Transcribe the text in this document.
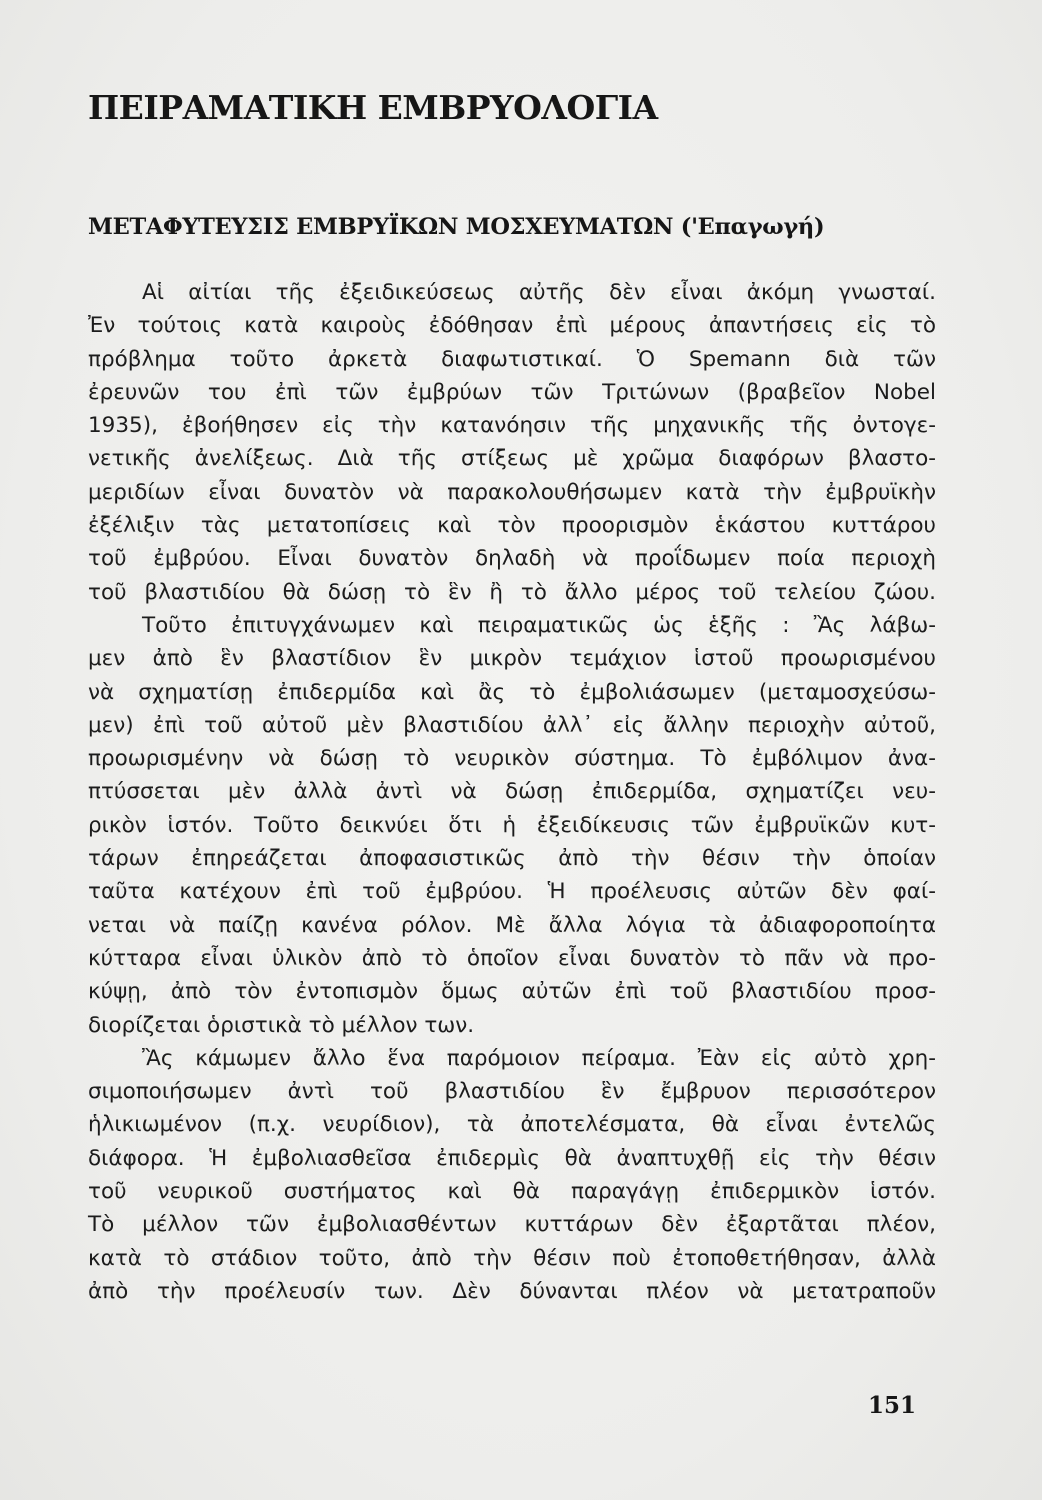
ΠΕΙΡΑΜΑΤΙΚΗ ΕΜΒΡΥΟΛΟΓΙΑ
ΜΕΤΑΦΥΤΕΥΣΙΣ ΕΜΒΡΥΪΚΩΝ ΜΟΣΧΕΥΜΑΤΩΝ ('Επαγωγή)
Αἱ αἰτίαι τῆς ἐξειδικεύσεως αὐτῆς δὲν εἶναι ἀκόμη γνωσταί.
Ἐν τούτοις κατὰ καιροὺς ἐδόθησαν ἐπὶ μέρους ἀπαντήσεις εἰς τὸ
πρόβλημα τοῦτο ἀρκετὰ διαφωτιστικαί. Ὁ Spemann διὰ τῶν
ἐρευνῶν του ἐπὶ τῶν ἐμβρύων τῶν Τριτώνων (βραβεῖον Nobel
1935), ἐβοήθησεν εἰς τὴν κατανόησιν τῆς μηχανικῆς τῆς ὀντογε-
νετικῆς ἀνελίξεως. Διὰ τῆς στίξεως μὲ χρῶμα διαφόρων βλαστο-
μεριδίων εἶναι δυνατὸν νὰ παρακολουθήσωμεν κατὰ τὴν ἐμβρυϊκὴν
ἐξέλιξιν τὰς μετατοπίσεις καὶ τὸν προορισμὸν ἑκάστου κυττάρου
τοῦ ἐμβρύου. Εἶναι δυνατὸν δηλαδὴ νὰ προΐδωμεν ποία περιοχὴ
τοῦ βλαστιδίου θὰ δώσῃ τὸ ἓν ἢ τὸ ἄλλο μέρος τοῦ τελείου ζώου.
Τοῦτο ἐπιτυγχάνωμεν καὶ πειραματικῶς ὡς ἑξῆς : Ἂς λάβω-
μεν ἀπὸ ἓν βλαστίδιον ἓν μικρὸν τεμάχιον ἱστοῦ προωρισμένου
νὰ σχηματίσῃ ἐπιδερμίδα καὶ ἂς τὸ ἐμβολιάσωμεν (μεταμοσχεύσω-
μεν) ἐπὶ τοῦ αὐτοῦ μὲν βλαστιδίου ἀλλ᾽ εἰς ἄλλην περιοχὴν αὐτοῦ,
προωρισμένην νὰ δώσῃ τὸ νευρικὸν σύστημα. Τὸ ἐμβόλιμον ἀνα-
πτύσσεται μὲν ἀλλὰ ἀντὶ νὰ δώσῃ ἐπιδερμίδα, σχηματίζει νευ-
ρικὸν ἱστόν. Τοῦτο δεικνύει ὅτι ἡ ἐξειδίκευσις τῶν ἐμβρυϊκῶν κυτ-
τάρων ἐπηρεάζεται ἀποφασιστικῶς ἀπὸ τὴν θέσιν τὴν ὁποίαν
ταῦτα κατέχουν ἐπὶ τοῦ ἐμβρύου. Ἡ προέλευσις αὐτῶν δὲν φαί-
νεται νὰ παίζῃ κανένα ρόλον. Μὲ ἄλλα λόγια τὰ ἀδιαφοροποίητα
κύτταρα εἶναι ὑλικὸν ἀπὸ τὸ ὁποῖον εἶναι δυνατὸν τὸ πᾶν νὰ προ-
κύψῃ, ἀπὸ τὸν ἐντοπισμὸν ὅμως αὐτῶν ἐπὶ τοῦ βλαστιδίου προσ-
διορίζεται ὁριστικὰ τὸ μέλλον των.
Ἂς κάμωμεν ἄλλο ἕνα παρόμοιον πείραμα. Ἐὰν εἰς αὐτὸ χρη-
σιμοποιήσωμεν ἀντὶ τοῦ βλαστιδίου ἓν ἔμβρυον περισσότερον
ἡλικιωμένον (π.χ. νευρίδιον), τὰ ἀποτελέσματα, θὰ εἶναι ἐντελῶς
διάφορα. Ἡ ἐμβολιασθεῖσα ἐπιδερμὶς θὰ ἀναπτυχθῇ εἰς τὴν θέσιν
τοῦ νευρικοῦ συστήματος καὶ θὰ παραγάγῃ ἐπιδερμικὸν ἱστόν.
Τὸ μέλλον τῶν ἐμβολιασθέντων κυττάρων δὲν ἐξαρτᾶται πλέον,
κατὰ τὸ στάδιον τοῦτο, ἀπὸ τὴν θέσιν ποὺ ἐτοποθετήθησαν, ἀλλὰ
ἀπὸ τὴν προέλευσίν των. Δὲν δύνανται πλέον νὰ μετατραποῦν
151
